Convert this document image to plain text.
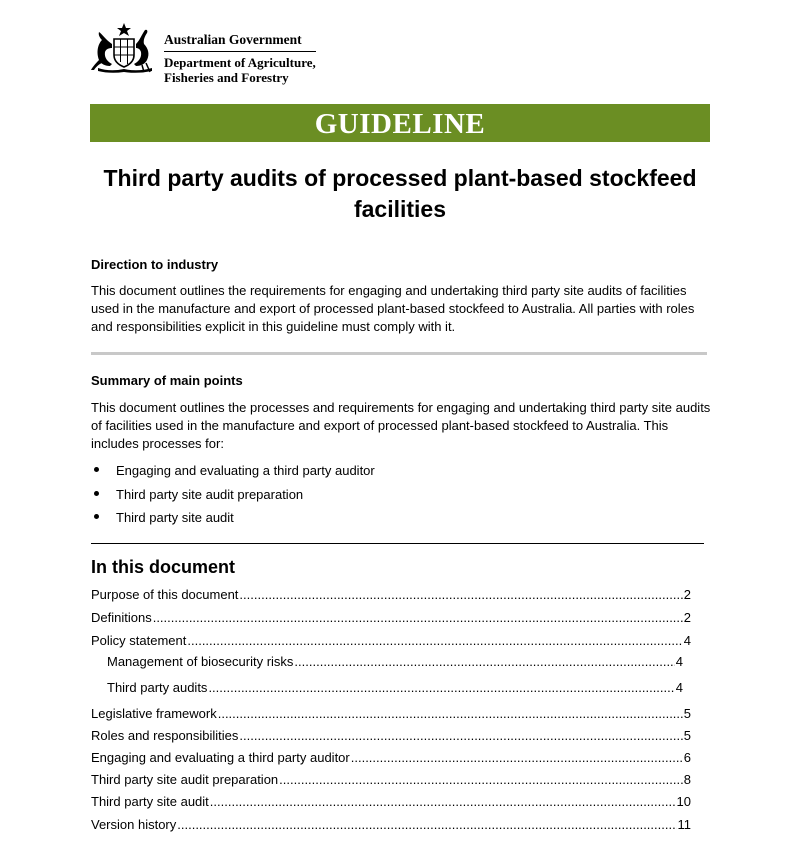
Australian Government
Department of Agriculture,
Fisheries and Forestry
GUIDELINE
Third party audits of processed plant-based stockfeed facilities
Direction to industry
This document outlines the requirements for engaging and undertaking third party site audits of facilities used in the manufacture and export of processed plant-based stockfeed to Australia. All parties with roles and responsibilities explicit in this guideline must comply with it.
Summary of main points
This document outlines the processes and requirements for engaging and undertaking third party site audits of facilities used in the manufacture and export of processed plant-based stockfeed to Australia. This includes processes for:
Engaging and evaluating a third party auditor
Third party site audit preparation
Third party site audit
In this document
Purpose of this document .....	2
Definitions .....	2
Policy statement .....	4
Management of biosecurity risks .....	4
Third party audits .....	4
Legislative framework .....	5
Roles and responsibilities .....	5
Engaging and evaluating a third party auditor .....	6
Third party site audit preparation .....	8
Third party site audit .....	10
Version history .....	11
